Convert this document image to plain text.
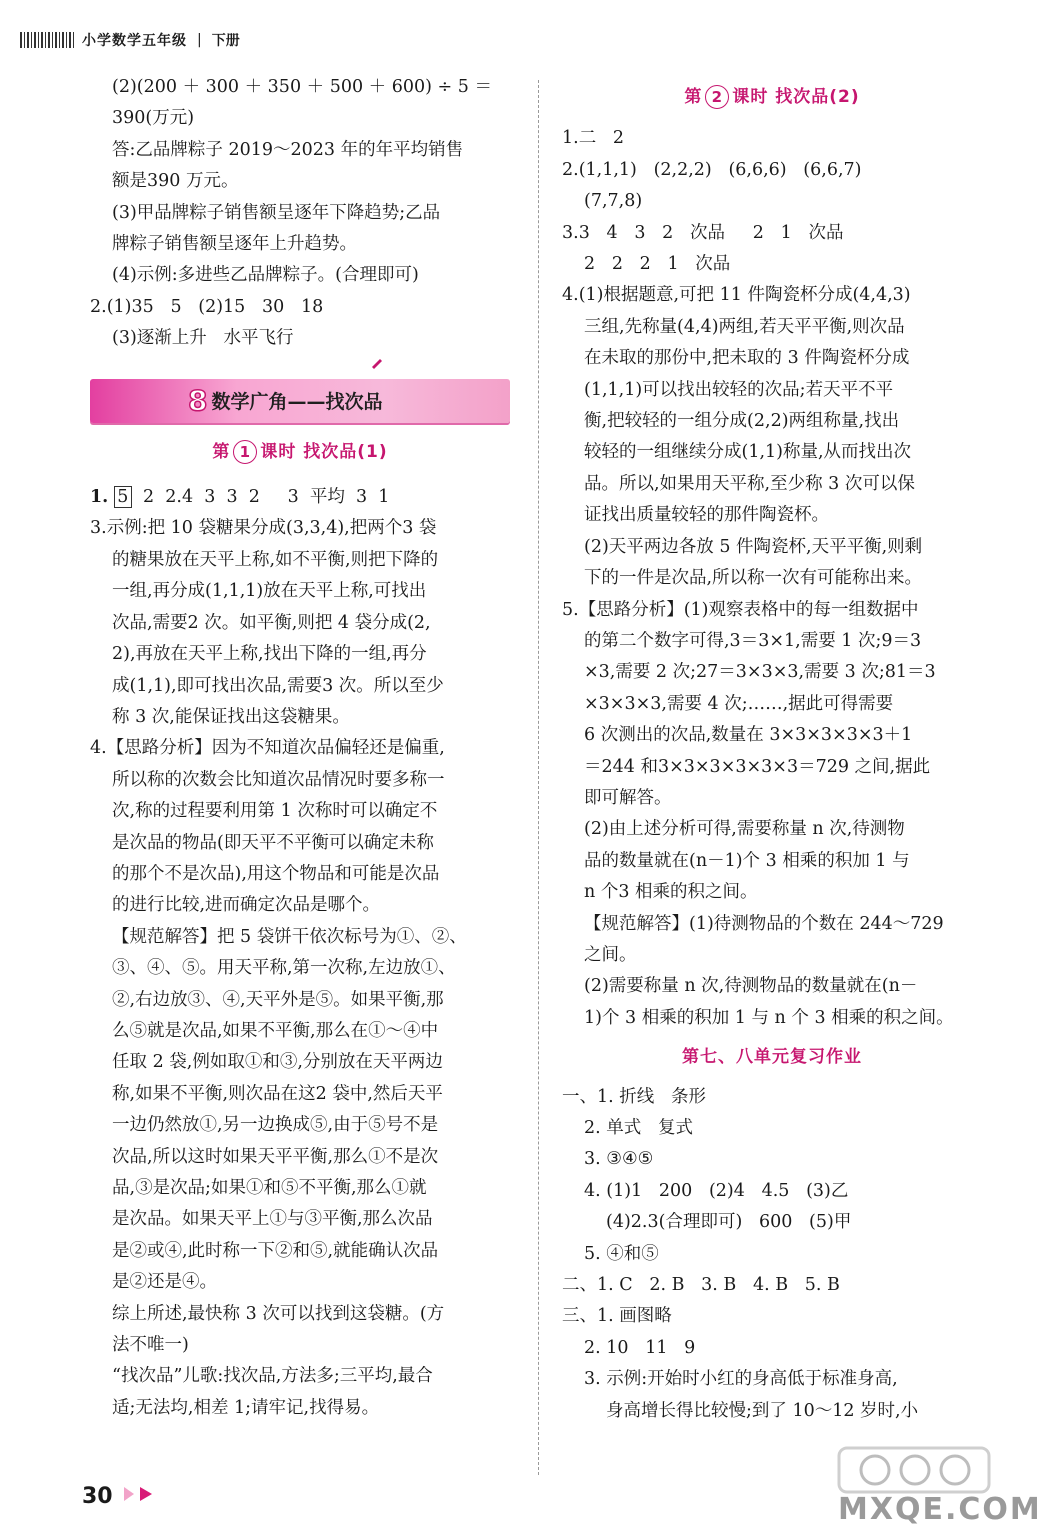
小学数学五年级 | 下册

(2)(200 ＋ 300 ＋ 350 ＋ 500 ＋ 600) ÷ 5 ＝

390(万元)

答:乙品牌粽子 2019～2023 年的年平均销售

额是390 万元。

(3)甲品牌粽子销售额呈逐年下降趋势;乙品

牌粽子销售额呈逐年上升趋势。

(4)示例:多进些乙品牌粽子。(合理即可)

2.(1)35   5   (2)15   30   18

(3)逐渐上升   水平飞行

8 数学广角——找次品
第 1 课时 找次品(1)

1. 5  2  2.4  3  3  2     3  平均  3  1

3.示例:把 10 袋糖果分成(3,3,4),把两个3 袋

的糖果放在天平上称,如不平衡,则把下降的

一组,再分成(1,1,1)放在天平上称,可找出

次品,需要2 次。如平衡,则把 4 袋分成(2,

2),再放在天平上称,找出下降的一组,再分

成(1,1),即可找出次品,需要3 次。所以至少

称 3 次,能保证找出这袋糖果。

4.【思路分析】因为不知道次品偏轻还是偏重,

所以称的次数会比知道次品情况时要多称一

次,称的过程要利用第 1 次称时可以确定不

是次品的物品(即天平不平衡可以确定未称

的那个不是次品),用这个物品和可能是次品

的进行比较,进而确定次品是哪个。

【规范解答】把 5 袋饼干依次标号为①、②、

③、④、⑤。用天平称,第一次称,左边放①、

②,右边放③、④,天平外是⑤。如果平衡,那

么⑤就是次品,如果不平衡,那么在①～④中

任取 2 袋,例如取①和③,分别放在天平两边

称,如果不平衡,则次品在这2 袋中,然后天平

一边仍然放①,另一边换成⑤,由于⑤号不是

次品,所以这时如果天平平衡,那么①不是次

品,③是次品;如果①和⑤不平衡,那么①就

是次品。如果天平上①与③平衡,那么次品

是②或④,此时称一下②和⑤,就能确认次品

是②还是④。

综上所述,最快称 3 次可以找到这袋糖。(方

法不唯一)

“找次品”儿歌:找次品,方法多;三平均,最合

适;无法均,相差 1;请牢记,找得易。

第 2 课时 找次品(2)

1.二   2

2.(1,1,1)   (2,2,2)   (6,6,6)   (6,6,7)

(7,7,8)

3.3   4   3   2   次品     2   1   次品

2   2   2   1   次品

4.(1)根据题意,可把 11 件陶瓷杯分成(4,4,3)

三组,先称量(4,4)两组,若天平平衡,则次品

在未取的那份中,把未取的 3 件陶瓷杯分成

(1,1,1)可以找出较轻的次品;若天平不平

衡,把较轻的一组分成(2,2)两组称量,找出

较轻的一组继续分成(1,1)称量,从而找出次

品。所以,如果用天平称,至少称 3 次可以保

证找出质量较轻的那件陶瓷杯。

(2)天平两边各放 5 件陶瓷杯,天平平衡,则剩

下的一件是次品,所以称一次有可能称出来。

5.【思路分析】(1)观察表格中的每一组数据中

的第二个数字可得,3＝3×1,需要 1 次;9＝3

×3,需要 2 次;27＝3×3×3,需要 3 次;81＝3

×3×3×3,需要 4 次;……,据此可得需要

6 次测出的次品,数量在 3×3×3×3×3＋1

＝244 和3×3×3×3×3×3＝729 之间,据此

即可解答。

(2)由上述分析可得,需要称量 n 次,待测物

品的数量就在(n－1)个 3 相乘的积加 1 与

n 个3 相乘的积之间。

【规范解答】(1)待测物品的个数在 244～729

之间。

(2)需要称量 n 次,待测物品的数量就在(n－

1)个 3 相乘的积加 1 与 n 个 3 相乘的积之间。

第七、八单元复习作业

一、1. 折线   条形

2. 单式   复式

3. ③④⑤

4. (1)1   200   (2)4   4.5   (3)乙

(4)2.3(合理即可)   600   (5)甲

5. ④和⑤

二、1. C   2. B   3. B   4. B   5. B

三、1. 画图略

2. 10   11   9

3. 示例:开始时小红的身高低于标准身高,

身高增长得比较慢;到了 10～12 岁时,小

30	MXQE.COM
